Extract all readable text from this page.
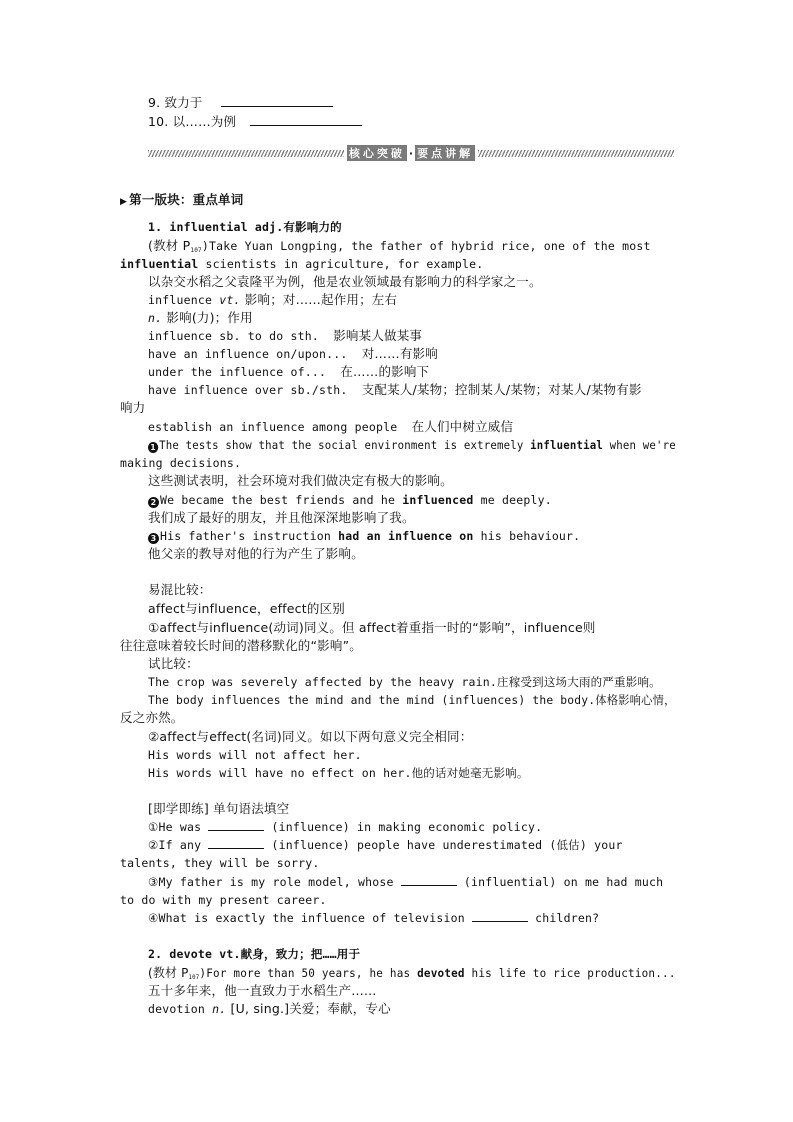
9. 致力于
10. 以……为例
核心突破 · 要点讲解
▶ 第一版块：重点单词
1. influential adj.有影响力的
(教材 $P_{107})Take$ Yuan Longping, the father of hybrid rice, one of the most
influential scientists in agriculture, for example.
以杂交水稻之父袁隆平为例，他是农业领域最有影响力的科学家之一。
influence vt. 影响；对……起作用；左右
n. 影响(力)；作用
influence sb. to do sth. 影响某人做某事
have an influence on/upon... 对……有影响
under the influence of... 在……的影响下
have influence over sb./sth. 支配某人/某物；控制某人/某物；对某人/某物有影
响力
establish an influence among people 在人们中树立威信
1 The tests show that the social environment is extremely influential when we're
making decisions.
这些测试表明，社会环境对我们做决定有极大的影响。
2 We became the best friends and he influenced me deeply.
我们成了最好的朋友，并且他深深地影响了我。
3 His father's instruction had an influence on his behaviour.
他父亲的教导对他的行为产生了影响。
易混比较：
affect与influence，effect的区别
①affect与influence(动词)同义。但 affect着重指一时的“影响”，influence则
往往意味着较长时间的潜移默化的“影响”。
试比较：
The crop was severely affected by the heavy rain.庄稼受到这场大雨的严重影响。
The body influences the mind and the mind (influences) the body.体格影响心情，
反之亦然。
②affect与effect(名词)同义。如以下两句意义完全相同：
His words will not affect her.
His words will have no effect on her.他的话对她毫无影响。
[即学即练] 单句语法填空
①He was	(influence) in making economic policy.
②If any	(influence) people have underestimated (低估) your
talents, they will be sorry.
③My father is my role model, whose	(influential) on me had much
to do with my present career.
④What is exactly the influence of television	children?
2. devote vt.献身，致力；把……用于
(教材 $P_{107})For$ more than 50 years, he has devoted his life to rice production...
五十多年来，他一直致力于水稻生产……
devotion n. [U, sing.]关爱；奉献，专心
